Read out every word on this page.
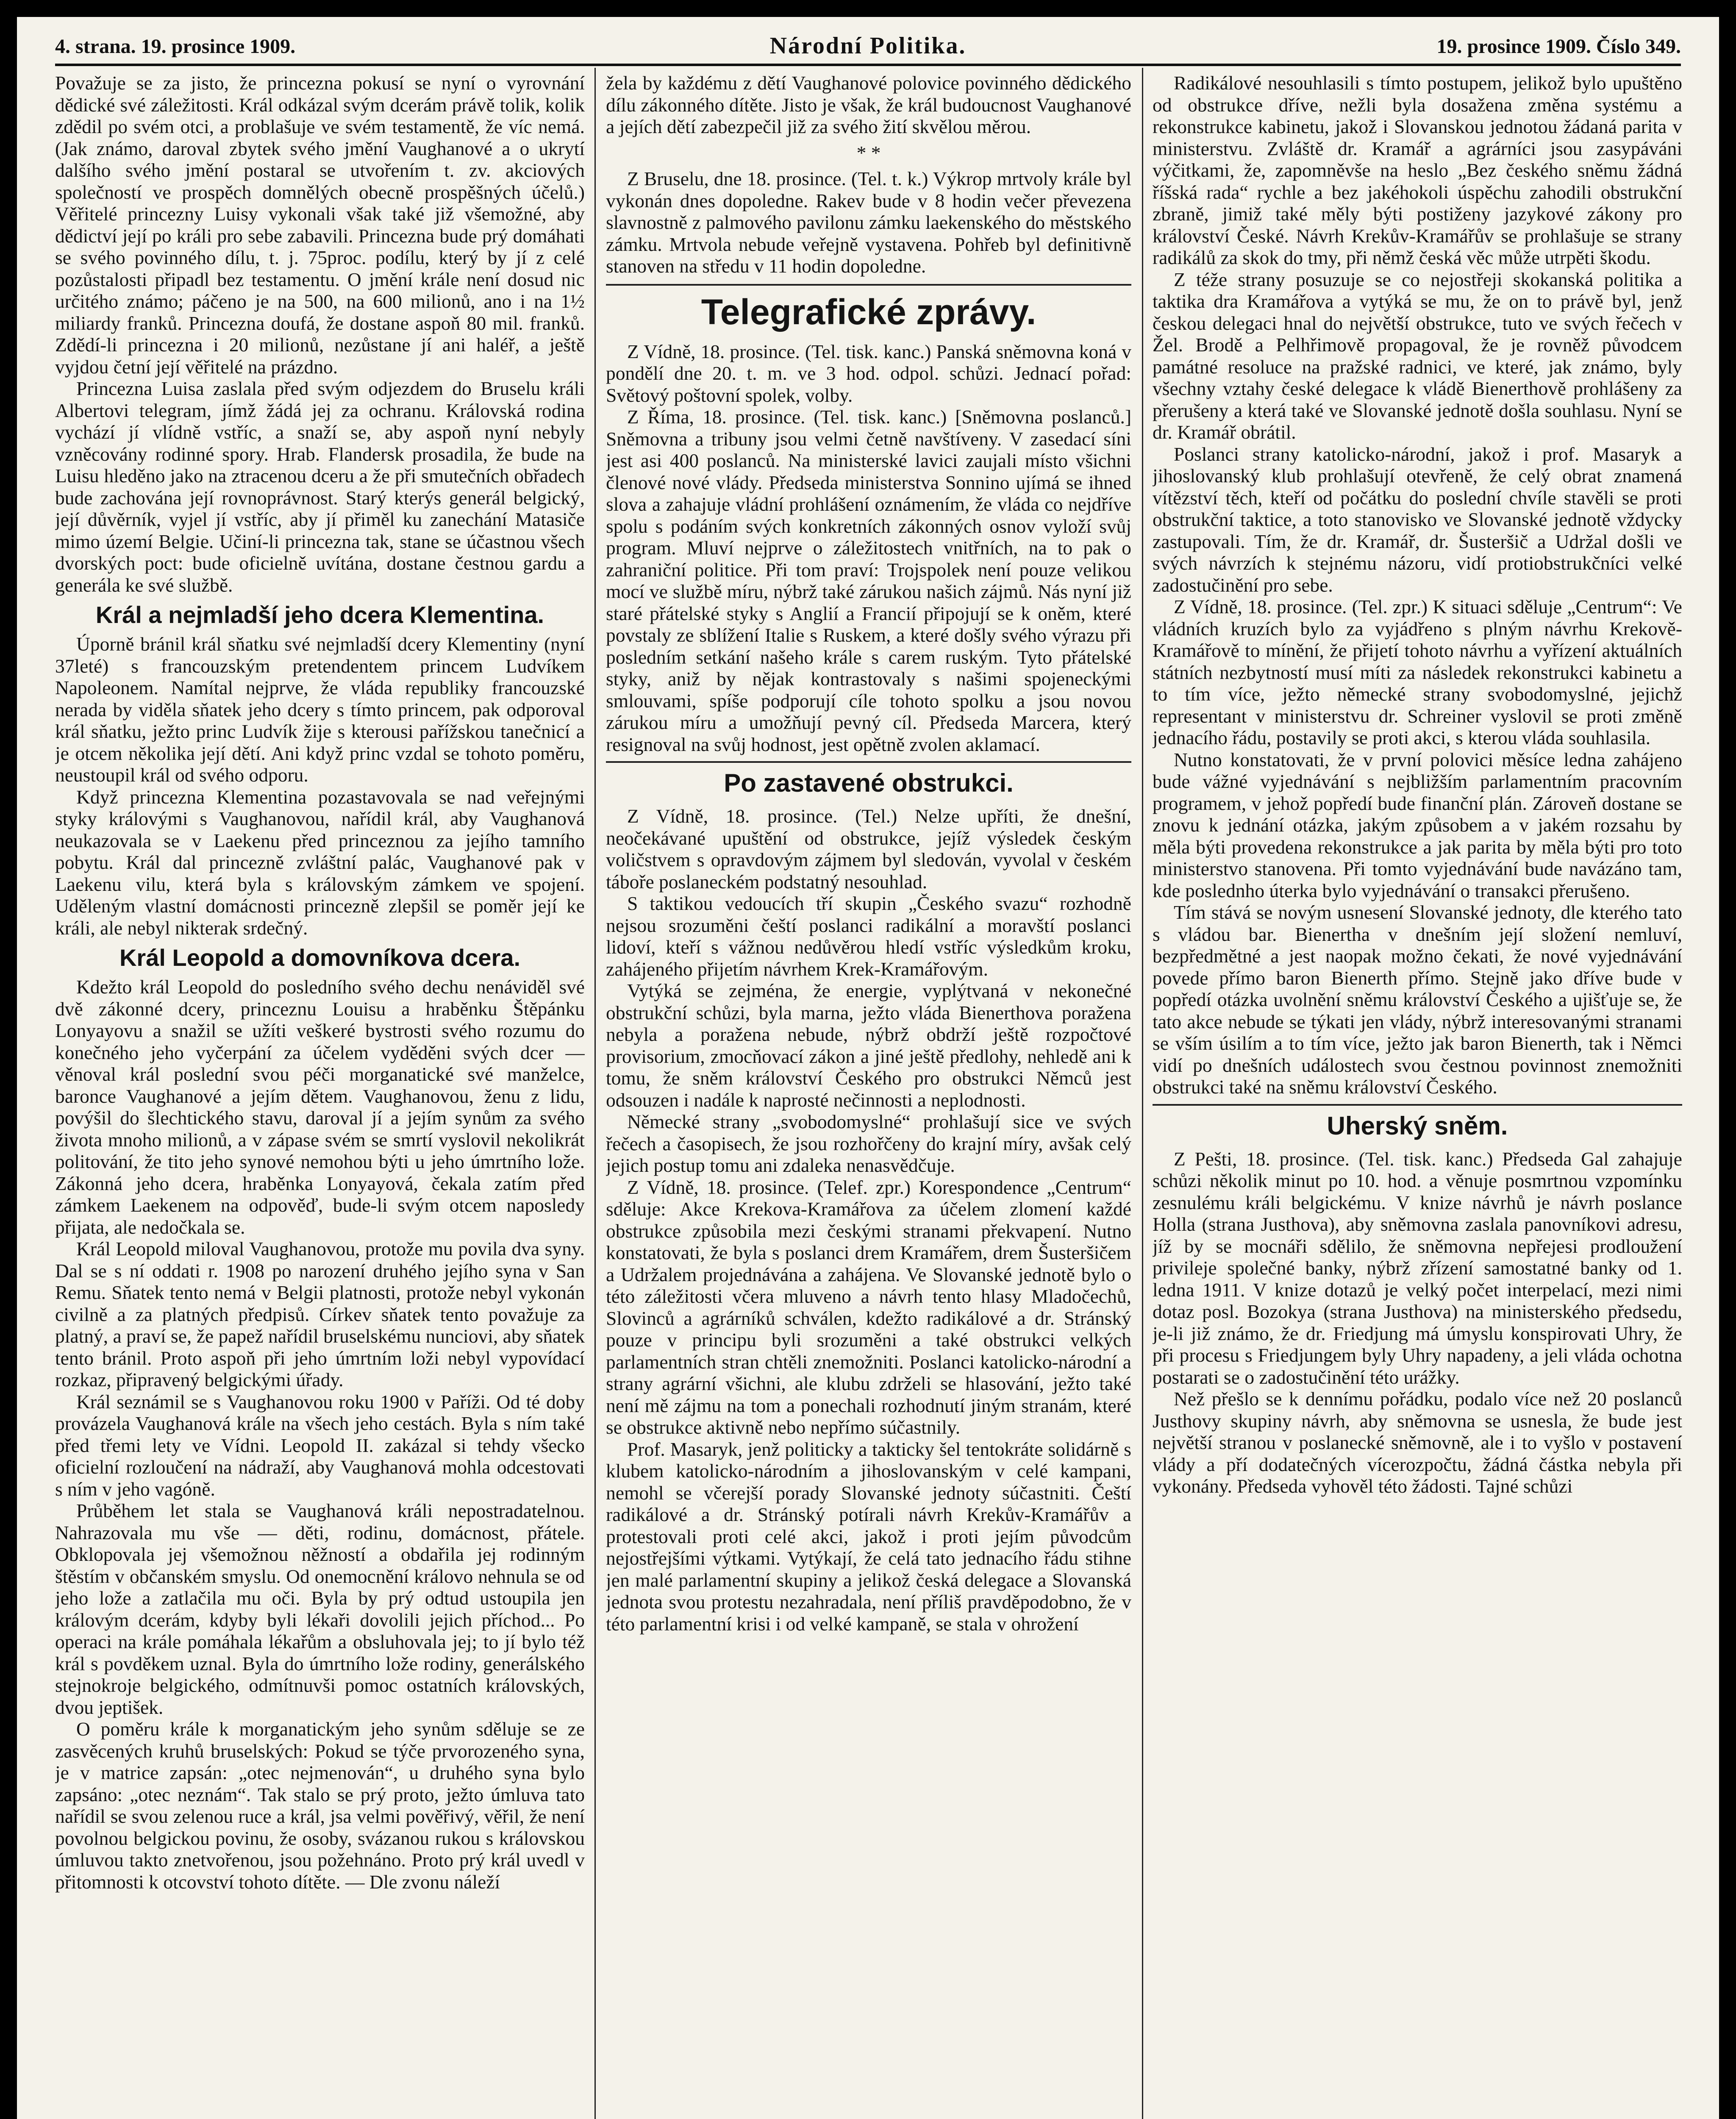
4. strana. 19. prosince 1909.	Národní Politika.	19. prosince 1909. Číslo 349.

Považuje se za jisto, že princezna pokusí se nyní o vyrovnání dědické své záležitosti. Král odkázal svým dcerám právě tolik, kolik zdědil po svém otci, a problašuje ve svém testamentě, že víc nemá. (Jak známo, daroval zbytek svého jmění Vaughanové a o ukrytí dalšího svého jmění postaral se utvořením t. zv. akciových společností ve prospěch domnělých obecně prospěšných účelů.) Věřitelé princezny Luisy vykonali však také již všemožné, aby dědictví její po králi pro sebe zabavili. Princezna bude prý domáhati se svého povinného dílu, t. j. 75proc. podílu, který by jí z celé pozůstalosti připadl bez testamentu. O jmění krále není dosud nic určitého známo; páčeno je na 500, na 600 milionů, ano i na 1½ miliardy franků. Princezna doufá, že dostane aspoň 80 mil. franků. Zdědí-li princezna i 20 milionů, nezůstane jí ani haléř, a ještě vyjdou četní její věřitelé na prázdno.

Princezna Luisa zaslala před svým odjezdem do Bruselu králi Albertovi telegram, jímž žádá jej za ochranu. Královská rodina vychází jí vlídně vstříc, a snaží se, aby aspoň nyní nebyly vzněcovány rodinné spory. Hrab. Flandersk prosadila, že bude na Luisu hleděno jako na ztracenou dceru a že při smutečních obřadech bude zachována její rovnoprávnost. Starý kterýs generál belgický, její důvěrník, vyjel jí vstříc, aby jí přiměl ku zanechání Matasiče mimo území Belgie. Učiní-li princezna tak, stane se účastnou všech dvorských poct: bude oficielně uvítána, dostane čestnou gardu a generála ke své službě.

Král a nejmladší jeho dcera Klementina.

Úporně bránil král sňatku své nejmladší dcery Klementiny (nyní 37leté) s francouzským pretendentem princem Ludvíkem Napoleonem. Namítal nejprve, že vláda republiky francouzské nerada by viděla sňatek jeho dcery s tímto princem, pak odporoval král sňatku, ježto princ Ludvík žije s kterousi pařížskou tanečnicí a je otcem několika její dětí. Ani když princ vzdal se tohoto poměru, neustoupil král od svého odporu.

Když princezna Klementina pozastavovala se nad veřejnými styky královými s Vaughanovou, nařídil král, aby Vaughanová neukazovala se v Laekenu před princeznou za jejího tamního pobytu. Král dal princezně zvláštní palác, Vaughanové pak v Laekenu vilu, která byla s královským zámkem ve spojení. Uděleným vlastní domácnosti princezně zlepšil se poměr její ke králi, ale nebyl nikterak srdečný.

Král Leopold a domovníkova dcera.

Kdežto král Leopold do posledního svého dechu nenáviděl své dvě zákonné dcery, princeznu Louisu a hraběnku Štěpánku Lonyayovu a snažil se užíti veškeré bystrosti svého rozumu do konečného jeho vyčerpání za účelem vyděděni svých dcer — věnoval král poslední svou péči morganatické své manželce, baronce Vaughanové a jejím dětem. Vaughanovou, ženu z lidu, povýšil do šlechtického stavu, daroval jí a jejím synům za svého života mnoho milionů, a v zápase svém se smrtí vyslovil nekolikrát politování, že tito jeho synové nemohou býti u jeho úmrtního lože. Zákonná jeho dcera, hraběnka Lonyayová, čekala zatím před zámkem Laekenem na odpověď, bude-li svým otcem naposledy přijata, ale nedočkala se.

Král Leopold miloval Vaughanovou, protože mu povila dva syny. Dal se s ní oddati r. 1908 po narození druhého jejího syna v San Remu. Sňatek tento nemá v Belgii platnosti, protože nebyl vykonán civilně a za platných předpisů. Církev sňatek tento považuje za platný, a praví se, že papež nařídil bruselskému nunciovi, aby sňatek tento bránil. Proto aspoň při jeho úmrtním loži nebyl vypovídací rozkaz, připravený belgickými úřady.

Král seznámil se s Vaughanovou roku 1900 v Paříži. Od té doby provázela Vaughanová krále na všech jeho cestách. Byla s ním také před třemi lety ve Vídni. Leopold II. zakázal si tehdy všecko oficielní rozloučení na nádraží, aby Vaughanová mohla odcestovati s ním v jeho vagóně.

Průběhem let stala se Vaughanová králi nepostradatelnou. Nahrazovala mu vše — děti, rodinu, domácnost, přátele. Obklopovala jej všemožnou něžností a obdařila jej rodinným štěstím v občanském smyslu. Od onemocnění královo nehnula se od jeho lože a zatlačila mu oči. Byla by prý odtud ustoupila jen královým dcerám, kdyby byli lékaři dovolili jejich příchod... Po operaci na krále pomáhala lékařům a obsluhovala jej; to jí bylo též král s povděkem uznal. Byla do úmrtního lože rodiny, generálského stejnokroje belgického, odmítnuvši pomoc ostatních královských, dvou jeptišek.

O poměru krále k morganatickým jeho synům sděluje se ze zasvěcených kruhů bruselských: Pokud se týče prvorozeného syna, je v matrice zapsán: „otec nejmenován“, u druhého syna bylo zapsáno: „otec neznám“. Tak stalo se prý proto, ježto úmluva tato nařídil se svou zelenou ruce a král, jsa velmi pověřivý, věřil, že není povolnou belgickou povinu, že osoby, svázanou rukou s královskou úmluvou takto znetvořenou, jsou požehnáno. Proto prý král uvedl v přitomnosti k otcovství tohoto dítěte. — Dle zvonu náleží

žela by každému z dětí Vaughanové polovice povinného dědického dílu zákonného dítěte. Jisto je však, že král budoucnost Vaughanové a jejích dětí zabezpečil již za svého žití skvělou měrou.

* *

Z Bruselu, dne 18. prosince. (Tel. t. k.) Výkrop mrtvoly krále byl vykonán dnes dopoledne. Rakev bude v 8 hodin večer převezena slavnostně z palmového pavilonu zámku laekenského do městského zámku. Mrtvola nebude veřejně vystavena. Pohřeb byl definitivně stanoven na středu v 11 hodin dopoledne.

Telegrafické zprávy.

Z Vídně, 18. prosince. (Tel. tisk. kanc.) Panská sněmovna koná v pondělí dne 20. t. m. ve 3 hod. odpol. schůzi. Jednací pořad: Světový poštovní spolek, volby.

Z Říma, 18. prosince. (Tel. tisk. kanc.) [Sněmovna poslanců.] Sněmovna a tribuny jsou velmi četně navštíveny. V zasedací síni jest asi 400 poslanců. Na ministerské lavici zaujali místo všichni členové nové vlády. Předseda ministerstva Sonnino ujímá se ihned slova a zahajuje vládní prohlášení oznámením, že vláda co nejdříve spolu s podáním svých konkretních zákonných osnov vyloží svůj program. Mluví nejprve o záležitostech vnitřních, na to pak o zahraniční politice. Při tom praví: Trojspolek není pouze velikou mocí ve službě míru, nýbrž také zárukou našich zájmů. Nás nyní již staré přátelské styky s Anglií a Francií připojují se k oněm, které povstaly ze sblížení Italie s Ruskem, a které došly svého výrazu při posledním setkání našeho krále s carem ruským. Tyto přátelské styky, aniž by nějak kontrastovaly s našimi spojeneckými smlouvami, spíše podporují cíle tohoto spolku a jsou novou zárukou míru a umožňují pevný cíl. Předseda Marcera, který resignoval na svůj hodnost, jest opětně zvolen aklamací.

Po zastavené obstrukci.

Z Vídně, 18. prosince. (Tel.) Nelze upříti, že dnešní, neočekávané upuštění od obstrukce, jejíž výsledek českým voličstvem s opravdovým zájmem byl sledován, vyvolal v českém táboře poslaneckém podstatný nesouhlad.

S taktikou vedoucích tří skupin „Českého svazu“ rozhodně nejsou srozuměni čeští poslanci radikální a moravští poslanci lidoví, kteří s vážnou nedůvěrou hledí vstříc výsledkům kroku, zahájeného přijetím návrhem Krek-Kramářovým.

Vytýká se zejména, že energie, vyplýtvaná v nekonečné obstrukční schůzi, byla marna, ježto vláda Bienerthova poražena nebyla a poražena nebude, nýbrž obdrží ještě rozpočtové provisorium, zmocňovací zákon a jiné ještě předlohy, nehledě ani k tomu, že sněm království Českého pro obstrukci Němců jest odsouzen i nadále k naprosté nečinnosti a neplodnosti.

Německé strany „svobodomyslné“ prohlašují sice ve svých řečech a časopisech, že jsou rozhořčeny do krajní míry, avšak celý jejich postup tomu ani zdaleka nenasvědčuje.

Z Vídně, 18. prosince. (Telef. zpr.) Korespondence „Centrum“ sděluje: Akce Krekova-Kramářova za účelem zlomení každé obstrukce způsobila mezi českými stranami překvapení. Nutno konstatovati, že byla s poslanci drem Kramářem, drem Šusteršičem a Udržalem projednávána a zahájena. Ve Slovanské jednotě bylo o této záležitosti včera mluveno a návrh tento hlasy Mladočechů, Slovinců a agrárníků schválen, kdežto radikálové a dr. Stránský pouze v principu byli srozuměni a také obstrukci velkých parlamentních stran chtěli znemožniti. Poslanci katolicko-národní a strany agrární všichni, ale klubu zdrželi se hlasování, ježto také není mě zájmu na tom a ponechali rozhodnutí jiným stranám, které se obstrukce aktivně nebo nepřímo súčastnily.

Prof. Masaryk, jenž politicky a takticky šel tentokráte solidárně s klubem katolicko-národním a jihoslovanským v celé kampani, nemohl se včerejší porady Slovanské jednoty súčastniti. Čeští radikálové a dr. Stránský potírali návrh Krekův-Kramářův a protestovali proti celé akci, jakož i proti jejím původcům nejostřejšími výtkami. Vytýkají, že celá tato jednacího řádu stihne jen malé parlamentní skupiny a jelikož česká delegace a Slovanská jednota svou protestu nezahradala, není příliš pravděpodobno, že v této parlamentní krisi i od velké kampaně, se stala v ohrožení

Radikálové nesouhlasili s tímto postupem, jelikož bylo upuštěno od obstrukce dříve, nežli byla dosažena změna systému a rekonstrukce kabinetu, jakož i Slovanskou jednotou žádaná parita v ministerstvu. Zvláště dr. Kramář a agrárníci jsou zasypáváni výčitkami, že, zapomněvše na heslo „Bez českého sněmu žádná říšská rada“ rychle a bez jakéhokoli úspěchu zahodili obstrukční zbraně, jimiž také měly býti postiženy jazykové zákony pro království České. Návrh Krekův-Kramářův se prohlašuje se strany radikálů za skok do tmy, při němž česká věc může utrpěti škodu.

Z téže strany posuzuje se co nejostřeji skokanská politika a taktika dra Kramářova a vytýká se mu, že on to právě byl, jenž českou delegaci hnal do největší obstrukce, tuto ve svých řečech v Žel. Brodě a Pelhřimově propagoval, že je rovněž původcem památné resoluce na pražské radnici, ve které, jak známo, byly všechny vztahy české delegace k vládě Bienerthově prohlášeny za přerušeny a která také ve Slovanské jednotě došla souhlasu. Nyní se dr. Kramář obrátil.

Poslanci strany katolicko-národní, jakož i prof. Masaryk a jihoslovanský klub prohlašují otevřeně, že celý obrat znamená vítězství těch, kteří od počátku do poslední chvíle stavěli se proti obstrukční taktice, a toto stanovisko ve Slovanské jednotě vždycky zastupovali. Tím, že dr. Kramář, dr. Šusteršič a Udržal došli ve svých návrzích k stejnému názoru, vidí protiobstrukčníci velké zadostučinění pro sebe.

Z Vídně, 18. prosince. (Tel. zpr.) K situaci sděluje „Centrum“: Ve vládních kruzích bylo za vyjádřeno s plným návrhu Krekově-Kramářově to mínění, že přijetí tohoto návrhu a vyřízení aktuálních státních nezbytností musí míti za následek rekonstrukci kabinetu a to tím více, ježto německé strany svobodomyslné, jejichž representant v ministerstvu dr. Schreiner vyslovil se proti změně jednacího řádu, postavily se proti akci, s kterou vláda souhlasila.

Nutno konstatovati, že v první polovici měsíce ledna zahájeno bude vážné vyjednávání s nejbližším parlamentním pracovním programem, v jehož popředí bude finanční plán. Zároveň dostane se znovu k jednání otázka, jakým způsobem a v jakém rozsahu by měla býti provedena rekonstrukce a jak parita by měla býti pro toto ministerstvo stanovena. Při tomto vyjednávání bude navázáno tam, kde poslednho úterka bylo vyjednávání o transakci přerušeno.

Tím stává se novým usnesení Slovanské jednoty, dle kterého tato s vládou bar. Bienertha v dnešním její složení nemluví, bezpředmětné a jest naopak možno čekati, že nové vyjednávání povede přímo baron Bienerth přímo. Stejně jako dříve bude v popředí otázka uvolnění sněmu království Českého a ujišťuje se, že tato akce nebude se týkati jen vlády, nýbrž interesovanými stranami se vším úsilím a to tím více, ježto jak baron Bienerth, tak i Němci vidí po dnešních událostech svou čestnou povinnost znemožniti obstrukci také na sněmu království Českého.

Uherský sněm.

Z Pešti, 18. prosince. (Tel. tisk. kanc.) Předseda Gal zahajuje schůzi několik minut po 10. hod. a věnuje posmrtnou vzpomínku zesnulému králi belgickému. V knize návrhů je návrh poslance Holla (strana Justhova), aby sněmovna zaslala panovníkovi adresu, jíž by se mocnáři sdělilo, že sněmovna nepřejesi prodloužení privileje společné banky, nýbrž zřízení samostatné banky od 1. ledna 1911. V knize dotazů je velký počet interpelací, mezi nimi dotaz posl. Bozokya (strana Justhova) na ministerského předsedu, je-li již známo, že dr. Friedjung má úmyslu konspirovati Uhry, že při procesu s Friedjungem byly Uhry napadeny, a jeli vláda ochotna postarati se o zadostučinění této urážky.

Než přešlo se k dennímu pořádku, podalo více než 20 poslanců Justhovy skupiny návrh, aby sněmovna se usnesla, že bude jest největší stranou v poslanecké sněmovně, ale i to vyšlo v postavení vlády a pří dodatečných vícerozpočtu, žádná částka nebyla při vykonány. Předseda vyhověl této žádosti. Tajné schůzi
